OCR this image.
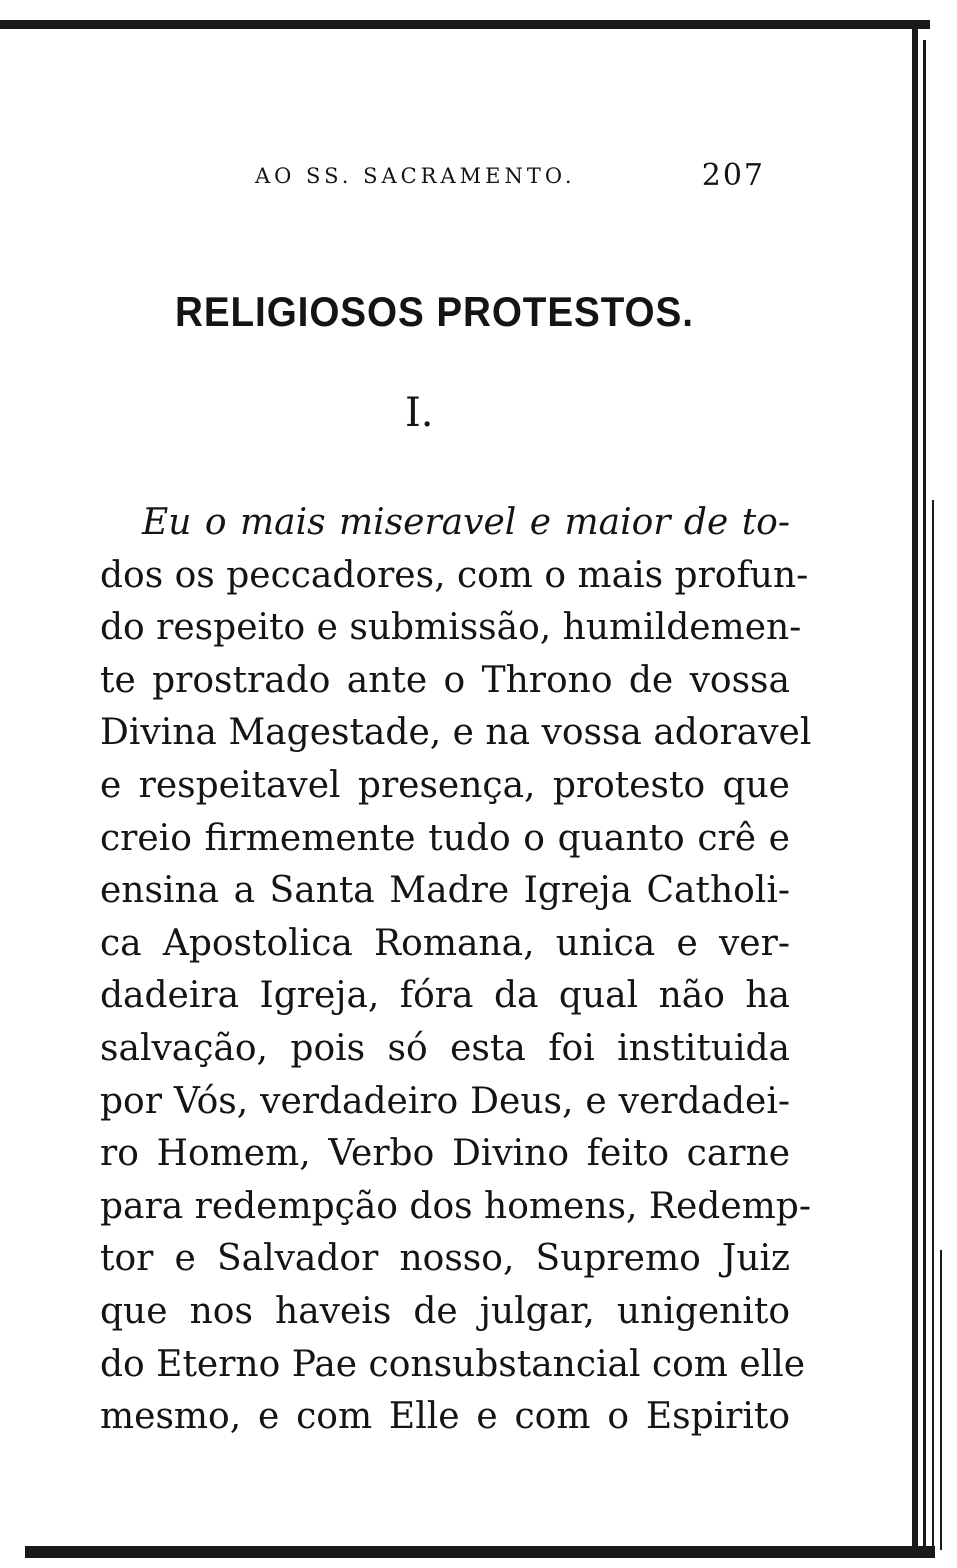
AO SS. SACRAMENTO.	207
RELIGIOSOS PROTESTOS.
I.
Eu o mais miseravel e maior de to-
dos os peccadores, com o mais profun-
do respeito e submissão, humildemen-
te prostrado ante o Throno de vossa
Divina Magestade, e na vossa adoravel
e respeitavel presença, protesto que
creio firmemente tudo o quanto crê e
ensina a Santa Madre Igreja Catholi-
ca Apostolica Romana, unica e ver-
dadeira Igreja, fóra da qual não ha
salvação, pois só esta foi instituida
por Vós, verdadeiro Deus, e verdadei-
ro Homem, Verbo Divino feito carne
para redempção dos homens, Redemp-
tor e Salvador nosso, Supremo Juiz
que nos haveis de julgar, unigenito
do Eterno Pae consubstancial com elle
mesmo, e com Elle e com o Espirito
